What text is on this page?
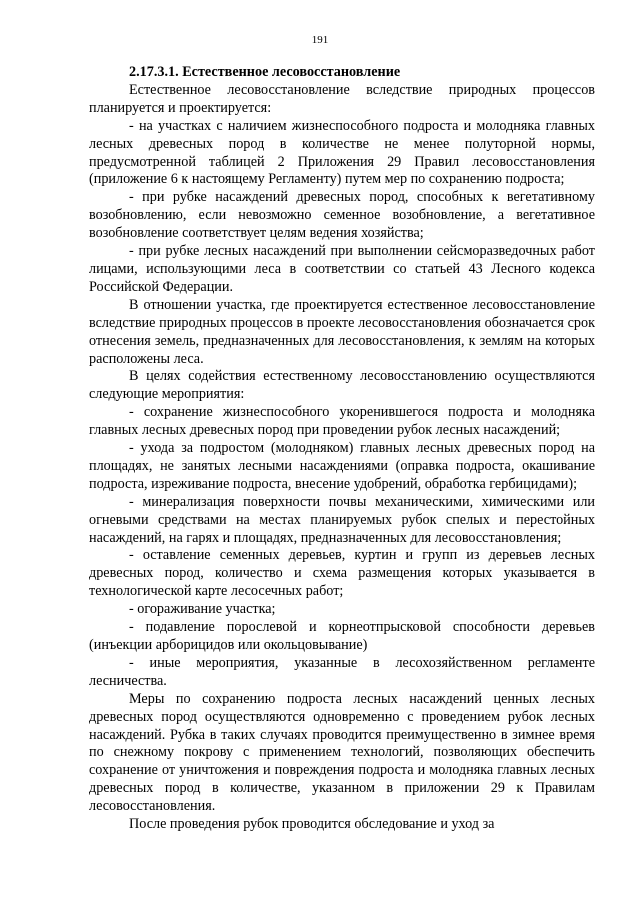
191

2.17.3.1. Естественное лесовосстановление

Естественное лесовосстановление вследствие природных процессов планируется и проектируется:

- на участках с наличием жизнеспособного подроста и молодняка главных лесных древесных пород в количестве не менее полуторной нормы, предусмотренной таблицей 2 Приложения 29 Правил лесовосстановления (приложение 6 к настоящему Регламенту) путем мер по сохранению подроста;

- при рубке насаждений древесных пород, способных к вегетативному возобновлению, если невозможно семенное возобновление, а вегетативное возобновление соответствует целям ведения хозяйства;

- при рубке лесных насаждений при выполнении сейсморазведочных работ лицами, использующими леса в соответствии со статьей 43 Лесного кодекса Российской Федерации.

В отношении участка, где проектируется естественное лесовосстановление вследствие природных процессов в проекте лесовосстановления обозначается срок отнесения земель, предназначенных для лесовосстановления, к землям на которых расположены леса.

В целях содействия естественному лесовосстановлению осуществляются следующие мероприятия:

- сохранение жизнеспособного укоренившегося подроста и молодняка главных лесных древесных пород при проведении рубок лесных насаждений;

- ухода за подростом (молодняком) главных лесных древесных пород на площадях, не занятых лесными насаждениями (оправка подроста, окашивание подроста, изреживание подроста, внесение удобрений, обработка гербицидами);

- минерализация поверхности почвы механическими, химическими или огневыми средствами на местах планируемых рубок спелых и перестойных насаждений, на гарях и площадях, предназначенных для лесовосстановления;

- оставление семенных деревьев, куртин и групп из деревьев лесных древесных пород, количество и схема размещения которых указывается в технологической карте лесосечных работ;

- огораживание участка;

- подавление порослевой и корнеотпрысковой способности деревьев (инъекции арборицидов или окольцовывание)

- иные мероприятия, указанные в лесохозяйственном регламенте лесничества.

Меры по сохранению подроста лесных насаждений ценных лесных древесных пород осуществляются одновременно с проведением рубок лесных насаждений. Рубка в таких случаях проводится преимущественно в зимнее время по снежному покрову с применением технологий, позволяющих обеспечить сохранение от уничтожения и повреждения подроста и молодняка главных лесных древесных пород в количестве, указанном в приложении 29 к Правилам лесовосстановления.

После проведения рубок проводится обследование и уход за
